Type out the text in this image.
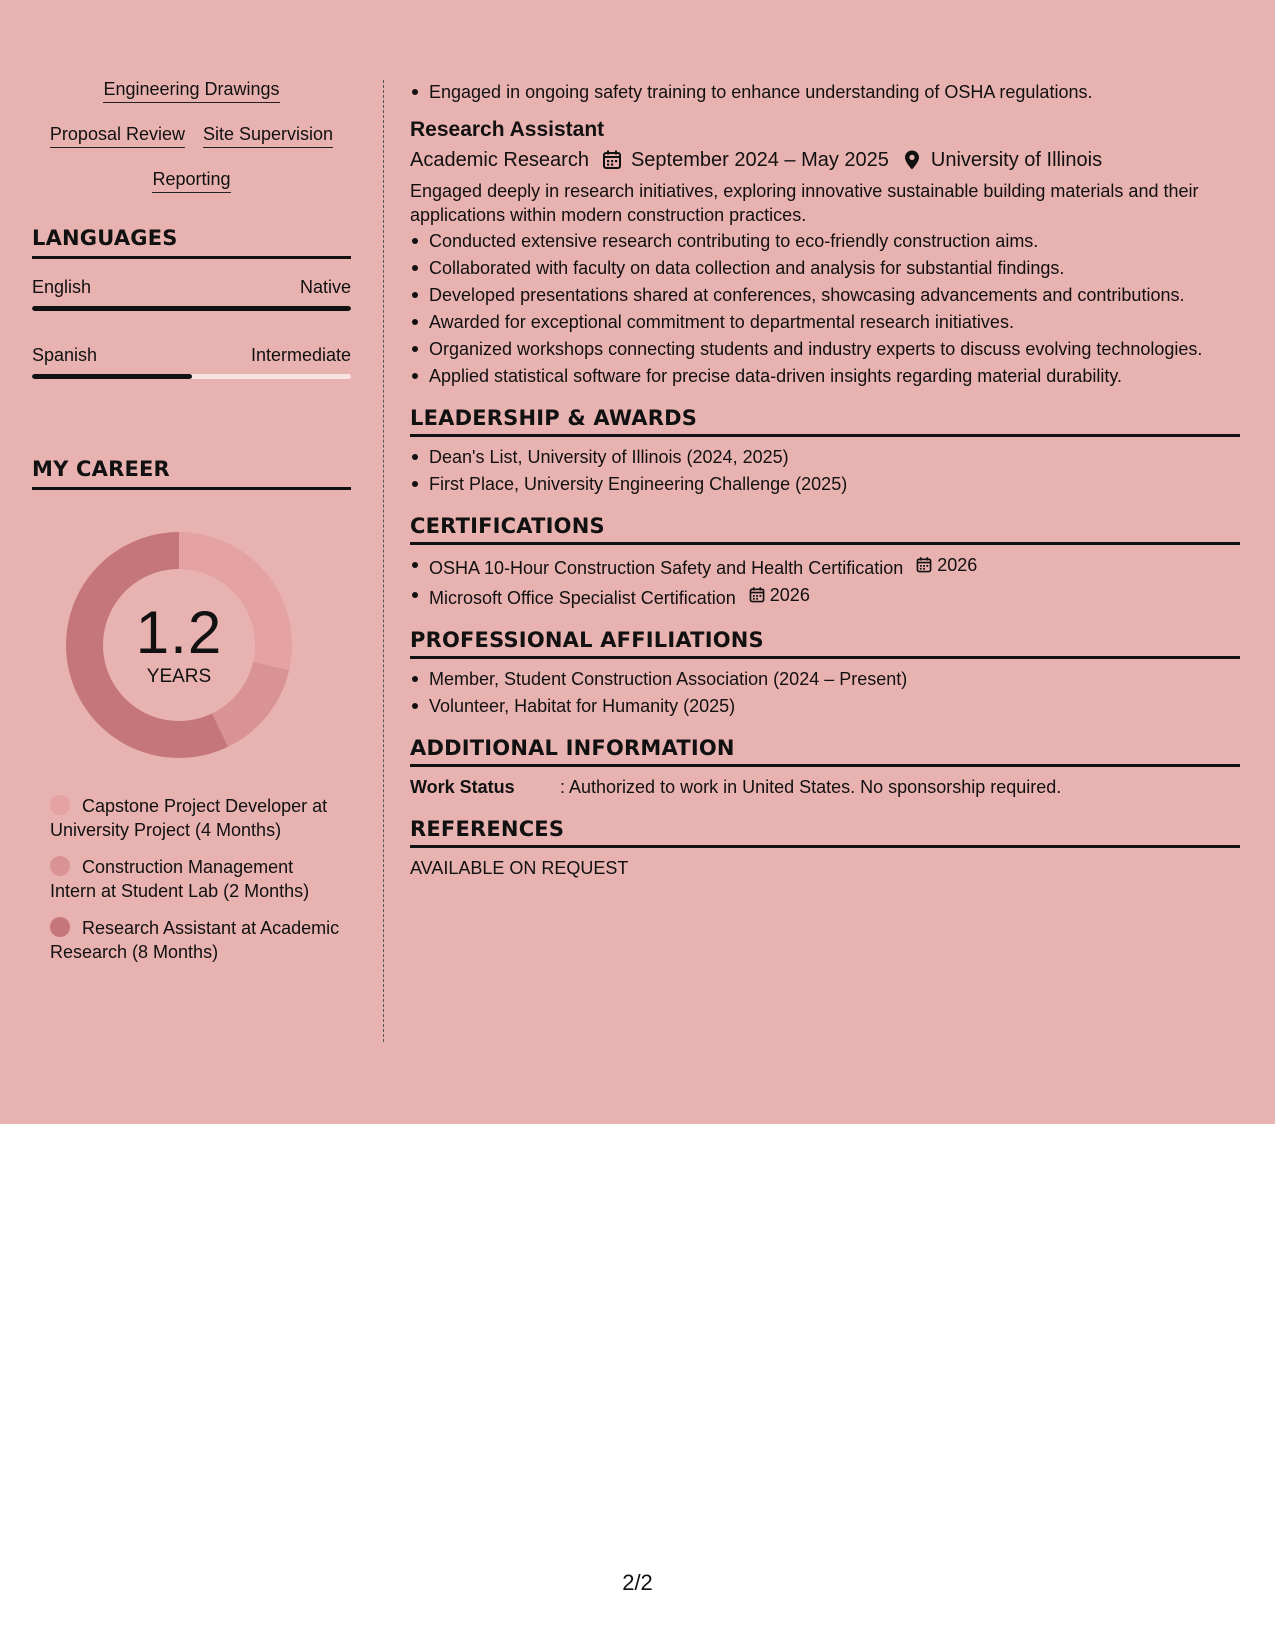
Engineering Drawings
Proposal Review Site Supervision
Reporting
LANGUAGES
English	Native
Spanish	Intermediate
MY CAREER
1.2
YEARS
Capstone Project Developer at University Project (4 Months)
Construction Management Intern at Student Lab (2 Months)
Research Assistant at Academic Research (8 Months)
Engaged in ongoing safety training to enhance understanding of OSHA regulations.
Research Assistant
Academic Research September 2024 – May 2025 University of Illinois
Engaged deeply in research initiatives, exploring innovative sustainable building materials and their applications within modern construction practices.
Conducted extensive research contributing to eco-friendly construction aims.
Collaborated with faculty on data collection and analysis for substantial findings.
Developed presentations shared at conferences, showcasing advancements and contributions.
Awarded for exceptional commitment to departmental research initiatives.
Organized workshops connecting students and industry experts to discuss evolving technologies.
Applied statistical software for precise data-driven insights regarding material durability.
LEADERSHIP & AWARDS
Dean's List, University of Illinois (2024, 2025)
First Place, University Engineering Challenge (2025)
CERTIFICATIONS
OSHA 10-Hour Construction Safety and Health Certification 2026
Microsoft Office Specialist Certification 2026
PROFESSIONAL AFFILIATIONS
Member, Student Construction Association (2024 – Present)
Volunteer, Habitat for Humanity (2025)
ADDITIONAL INFORMATION
Work Status	: Authorized to work in United States. No sponsorship required.
REFERENCES
AVAILABLE ON REQUEST
2/2
